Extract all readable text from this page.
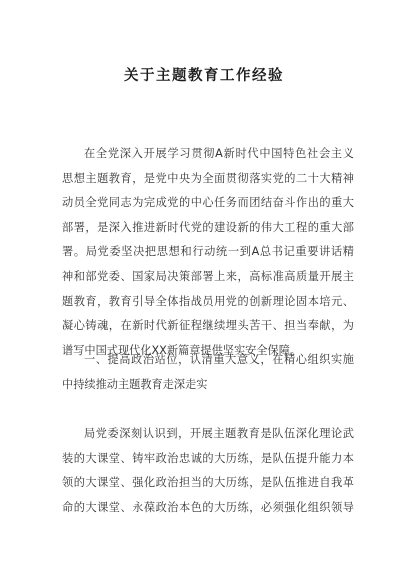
关于主题教育工作经验

在全党深入开展学习贯彻A新时代中国特色社会主义
思想主题教育，是党中央为全面贯彻落实党的二十大精神
动员全党同志为完成党的中心任务而团结奋斗作出的重大
部署，是深入推进新时代党的建设新的伟大工程的重大部
署。局党委坚决把思想和行动统一到A总书记重要讲话精
神和部党委、国家局决策部署上来，高标准高质量开展主
题教育，教育引导全体指战员用党的创新理论固本培元、
凝心铸魂，在新时代新征程继续埋头苦干、担当奉献，为
谱写中国式现代化XX新篇章提供坚实安全保障。

一、提高政治站位，认清重大意义，在精心组织实施
中持续推动主题教育走深走实

局党委深刻认识到，开展主题教育是队伍深化理论武
装的大课堂、铸牢政治忠诚的大历练，是队伍提升能力本
领的大课堂、强化政治担当的大历练，是队伍推进自我革
命的大课堂、永葆政治本色的大历练，必须强化组织领导
